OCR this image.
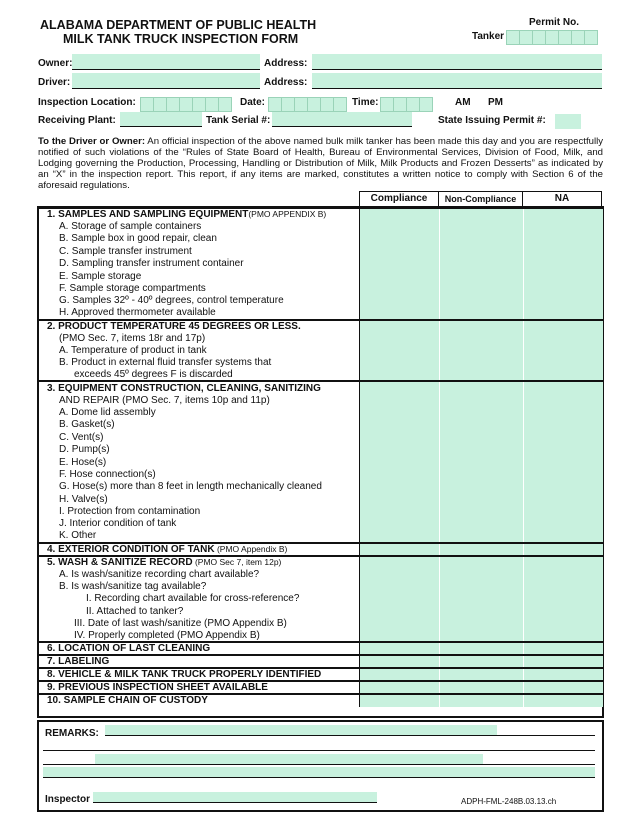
ALABAMA DEPARTMENT OF PUBLIC HEALTH
MILK TANK TRUCK INSPECTION FORM
Permit No.
Tanker
Owner:	Address:
Driver:	Address:
Inspection Location:	Date:	Time:	AM PM
Receiving Plant:	Tank Serial #:	State Issuing Permit #:
To the Driver or Owner: An official inspection of the above named bulk milk tanker has been made this day and you are respectfully notified of such violations of the “Rules of State Board of Health, Bureau of Environmental Services, Division of Food, Milk, and Lodging governing the Production, Processing, Handling or Distribution of Milk, Milk Products and Frozen Desserts” as indicated by an “X” in the inspection report. This report, if any items are marked, constitutes a written notice to comply with Section 6 of the aforesaid regulations.
Compliance	Non-Compliance	NA
1. SAMPLES AND SAMPLING EQUIPMENT(PMO APPENDIX B)			
A. Storage of sample containers			
B. Sample box in good repair, clean			
C. Sample transfer instrument			
D. Sampling transfer instrument container			
E. Sample storage			
F. Sample storage compartments			
G. Samples 32º - 40º degrees, control temperature			
H. Approved thermometer available			
2. PRODUCT TEMPERATURE 45 DEGREES OR LESS.			
(PMO Sec. 7, items 18r and 17p)			
A. Temperature of product in tank			
B. Product in external fluid transfer systems that			
exceeds 45º degrees F is discarded			
3. EQUIPMENT CONSTRUCTION, CLEANING, SANITIZING			
AND REPAIR (PMO Sec. 7, items 10p and 11p)			
A. Dome lid assembly			
B. Gasket(s)			
C. Vent(s)			
D. Pump(s)			
E. Hose(s)			
F. Hose connection(s)			
G. Hose(s) more than 8 feet in length mechanically cleaned			
H. Valve(s)			
I. Protection from contamination			
J. Interior condition of tank			
K. Other			
4. EXTERIOR CONDITION OF TANK (PMO Appendix B)			
5. WASH & SANITIZE RECORD (PMO Sec 7, item 12p)			
A. Is wash/sanitize recording chart available?			
B. Is wash/sanitize tag available?			
I. Recording chart available for cross-reference?			
II. Attached to tanker?			
III. Date of last wash/sanitize (PMO Appendix B)			
IV. Properly completed (PMO Appendix B)			
6. LOCATION OF LAST CLEANING			
7. LABELING			
8. VEHICLE & MILK TANK TRUCK PROPERLY IDENTIFIED			
9. PREVIOUS INSPECTION SHEET AVAILABLE			
10. SAMPLE CHAIN OF CUSTODY			
REMARKS:
Inspector	ADPH-FML-248B.03.13.ch
